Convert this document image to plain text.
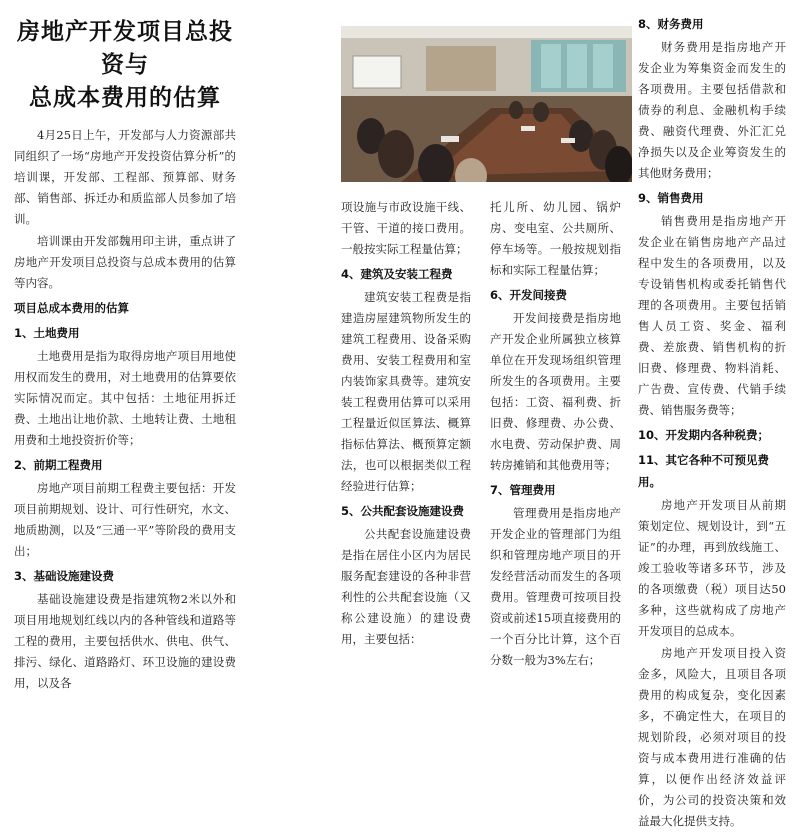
房地产开发项目总投资与
总成本费用的估算

4月25日上午，开发部与人力资源部共同组织了一场“房地产开发投资估算分析”的培训课，开发部、工程部、预算部、财务部、销售部、拆迁办和质监部人员参加了培训。

培训课由开发部魏用印主讲，重点讲了房地产开发项目总投资与总成本费用的估算等内容。

项目总成本费用的估算
1、土地费用

土地费用是指为取得房地产项目用地使用权而发生的费用，对土地费用的估算要依实际情况而定。其中包括：土地征用拆迁费、土地出让地价款、土地转让费、土地租用费和土地投资折价等；

2、前期工程费用

房地产项目前期工程费主要包括：开发项目前期规划、设计、可行性研究，水文、地质勘测，以及“三通一平”等阶段的费用支出；

3、基础设施建设费

基础设施建设费是指建筑物2米以外和项目用地规划红线以内的各种管线和道路等工程的费用，主要包括供水、供电、供气、排污、绿化、道路路灯、环卫设施的建设费用，以及各

项设施与市政设施干线、干管、干道的接口费用。一般按实际工程量估算；

4、建筑及安装工程费

建筑安装工程费是指建造房屋建筑物所发生的建筑工程费用、设备采购费用、安装工程费用和室内装饰家具费等。建筑安装工程费用估算可以采用工程量近似匡算法、概算指标估算法、概预算定额法，也可以根据类似工程经验进行估算；

5、公共配套设施建设费

公共配套设施建设费是指在居住小区内为居民服务配套建设的各种非营利性的公共配套设施（又称公建设施）的建设费用，主要包括：

托儿所、幼儿园、锅炉房、变电室、公共厕所、停车场等。一般按规划指标和实际工程量估算；

6、开发间接费

开发间接费是指房地产开发企业所属独立核算单位在开发现场组织管理所发生的各项费用。主要包括：工资、福利费、折旧费、修理费、办公费、水电费、劳动保护费、周转房摊销和其他费用等；

7、管理费用

管理费用是指房地产开发企业的管理部门为组织和管理房地产项目的开发经营活动而发生的各项费用。管理费可按项目投资或前述15项直接费用的一个百分比计算，这个百分数一般为3%左右；

8、财务费用

财务费用是指房地产开发企业为筹集资金而发生的各项费用。主要包括借款和债券的利息、金融机构手续费、融资代理费、外汇汇兑净损失以及企业筹资发生的其他财务费用；

9、销售费用

销售费用是指房地产开发企业在销售房地产产品过程中发生的各项费用，以及专设销售机构或委托销售代理的各项费用。主要包括销售人员工资、奖金、福利费、差旅费、销售机构的折旧费、修理费、物料消耗、广告费、宣传费、代销手续费、销售服务费等；

10、开发期内各种税费；
11、其它各种不可预见费用。

房地产开发项目从前期策划定位、规划设计，到“五证”的办理，再到放线施工、竣工验收等诸多环节，涉及的各项缴费（税）项目达50多种，这些就构成了房地产开发项目的总成本。

房地产开发项目投入资金多，风险大，且项目各项费用的构成复杂，变化因素多，不确定性大，在项目的规划阶段，必须对项目的投资与成本费用进行准确的估算，以便作出经济效益评价，为公司的投资决策和效益最大化提供支持。
